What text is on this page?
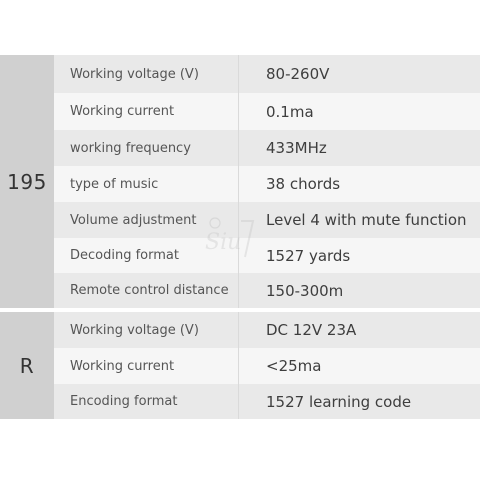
195
Working voltage (V)	80-260V
Working current	0.1ma
working frequency	433MHz
type of music	38 chords
Volume adjustment	Level 4 with mute function
Decoding format	1527 yards
Remote control distance	150-300m
R
Working voltage (V)	DC 12V 23A
Working current	<25ma
Encoding format	1527 learning code
Siu
